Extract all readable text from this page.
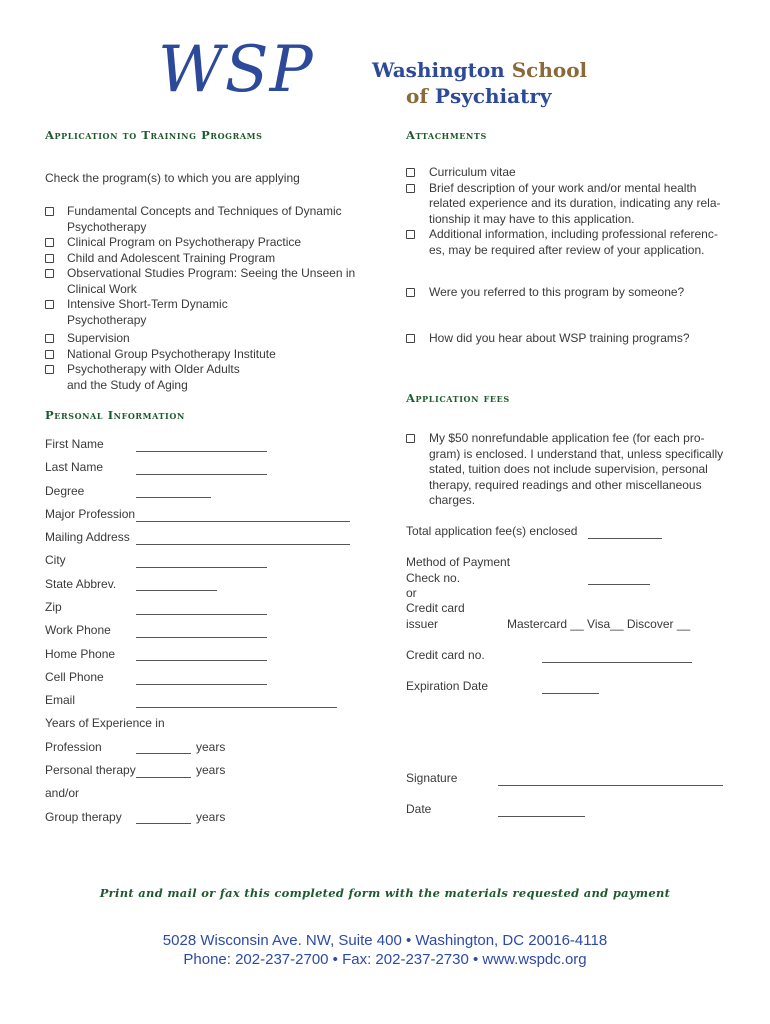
WSP	Washington School
of Psychiatry
Application to Training Programs
Check the program(s) to which you are applying
Fundamental Concepts and Techniques of Dynamic
Psychotherapy
Clinical Program on Psychotherapy Practice
Child and Adolescent Training Program
Observational Studies Program: Seeing the Unseen in
Clinical Work
Intensive Short-Term Dynamic
Psychotherapy
Supervision
National Group Psychotherapy Institute
Psychotherapy with Older Adults
and the Study of Aging
Personal Information
First Name
Last Name
Degree
Major Profession
Mailing Address
City
State Abbrev.
Zip
Work Phone
Home Phone
Cell Phone
Email
Years of Experience in
Profession	years
Personal therapy	years
and/or
Group therapy	years
Attachments
Curriculum vitae
Brief description of your work and/or mental health
related experience and its duration, indicating any rela-
tionship it may have to this application.
Additional information, including professional referenc-
es, may be required after review of your application.
Were you referred to this program by someone?
How did you hear about WSP training programs?
Application fees
My $50 nonrefundable application fee (for each pro-
gram) is enclosed. I understand that, unless specifically
stated, tuition does not include supervision, personal
therapy, required readings and other miscellaneous
charges.
Total application fee(s) enclosed
Method of Payment
Check no.
or
Credit card
issuer	Mastercard __ Visa__ Discover __
Credit card no.
Expiration Date
Signature
Date
Print and mail or fax this completed form with the materials requested and payment
5028 Wisconsin Ave. NW, Suite 400 • Washington, DC 20016-4118
Phone: 202-237-2700 • Fax: 202-237-2730 • www.wspdc.org
